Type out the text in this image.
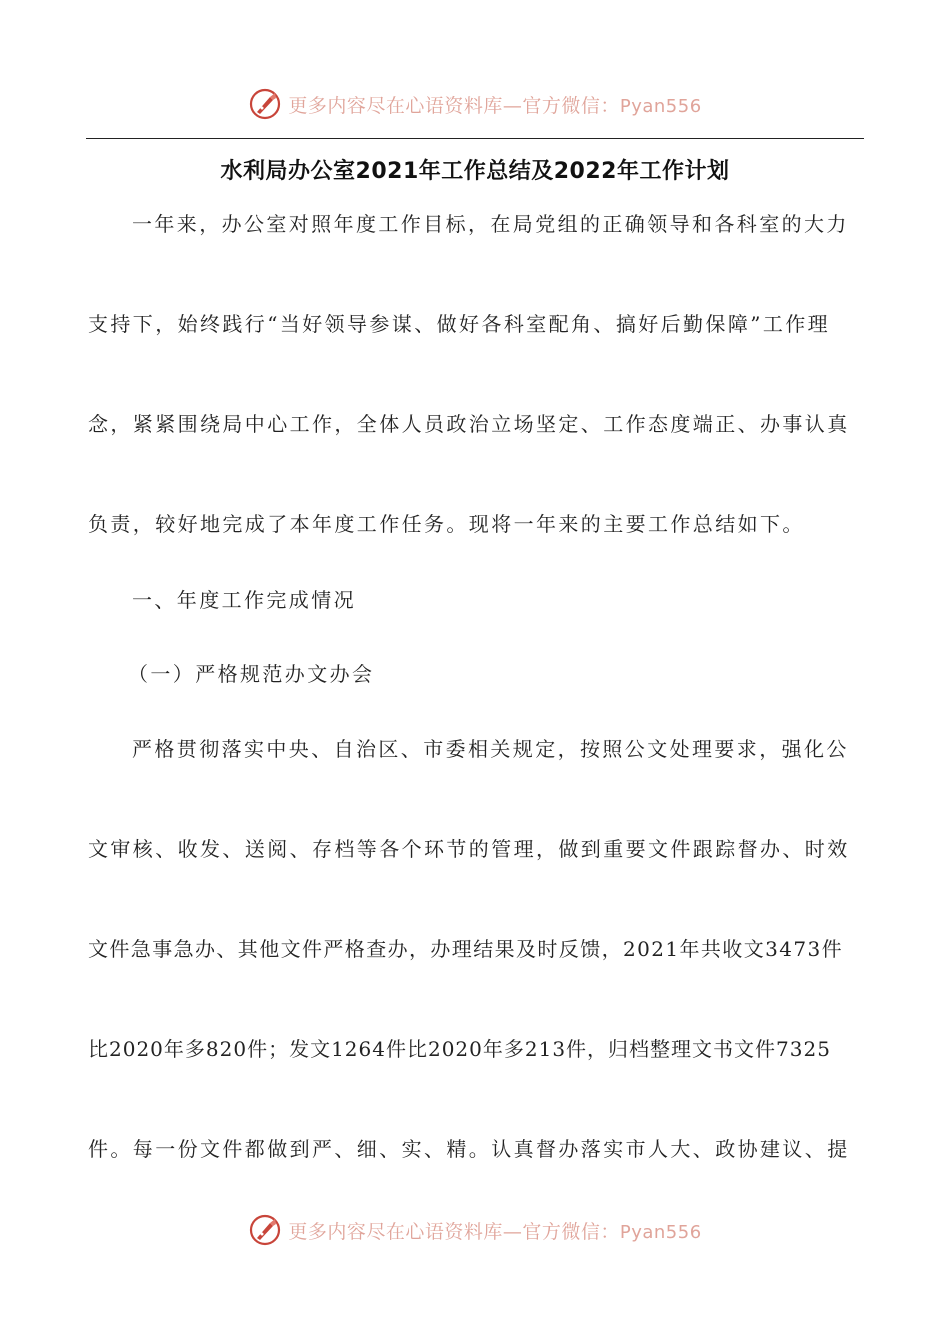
更多内容尽在心语资料库—官方微信：Pyan556
水利局办公室2021年工作总结及2022年工作计划
一年来，办公室对照年度工作目标，在局党组的正确领导和各科室的大力
支持下，始终践行“当好领导参谋、做好各科室配角、搞好后勤保障”工作理
念，紧紧围绕局中心工作，全体人员政治立场坚定、工作态度端正、办事认真
负责，较好地完成了本年度工作任务。现将一年来的主要工作总结如下。
一、年度工作完成情况
（一）严格规范办文办会
严格贯彻落实中央、自治区、市委相关规定，按照公文处理要求，强化公
文审核、收发、送阅、存档等各个环节的管理，做到重要文件跟踪督办、时效
文件急事急办、其他文件严格查办，办理结果及时反馈，2021年共收文3473件
比2020年多820件；发文1264件比2020年多213件，归档整理文书文件7325
件。每一份文件都做到严、细、实、精。认真督办落实市人大、政协建议、提
更多内容尽在心语资料库—官方微信：Pyan556
